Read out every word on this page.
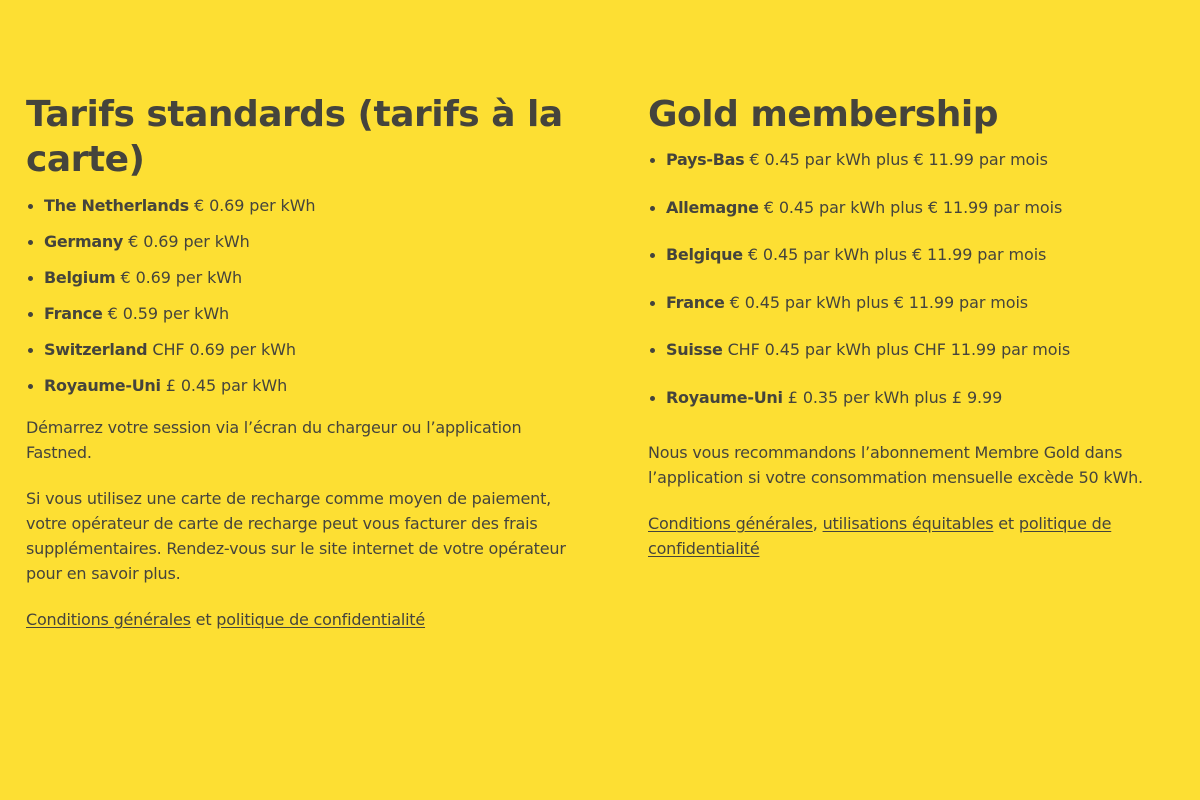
Tarifs standards (tarifs à la carte)
The Netherlands € 0.69 per kWh
Germany € 0.69 per kWh
Belgium € 0.69 per kWh
France € 0.59 per kWh
Switzerland CHF 0.69 per kWh
Royaume-Uni £ 0.45 par kWh

Démarrez votre session via l’écran du chargeur ou l’application Fastned.

Si vous utilisez une carte de recharge comme moyen de paiement, votre opérateur de carte de recharge peut vous facturer des frais supplémentaires. Rendez-vous sur le site internet de votre opérateur pour en savoir plus.

Conditions générales et politique de confidentialité

Gold membership
Pays-Bas € 0.45 par kWh plus € 11.99 par mois
Allemagne € 0.45 par kWh plus € 11.99 par mois
Belgique € 0.45 par kWh plus € 11.99 par mois
France € 0.45 par kWh plus € 11.99 par mois
Suisse CHF 0.45 par kWh plus CHF 11.99 par mois
Royaume-Uni £ 0.35 per kWh plus £ 9.99

Nous vous recommandons l’abonnement Membre Gold dans l’application si votre consommation mensuelle excède 50 kWh.

Conditions générales, utilisations équitables et politique de confidentialité
